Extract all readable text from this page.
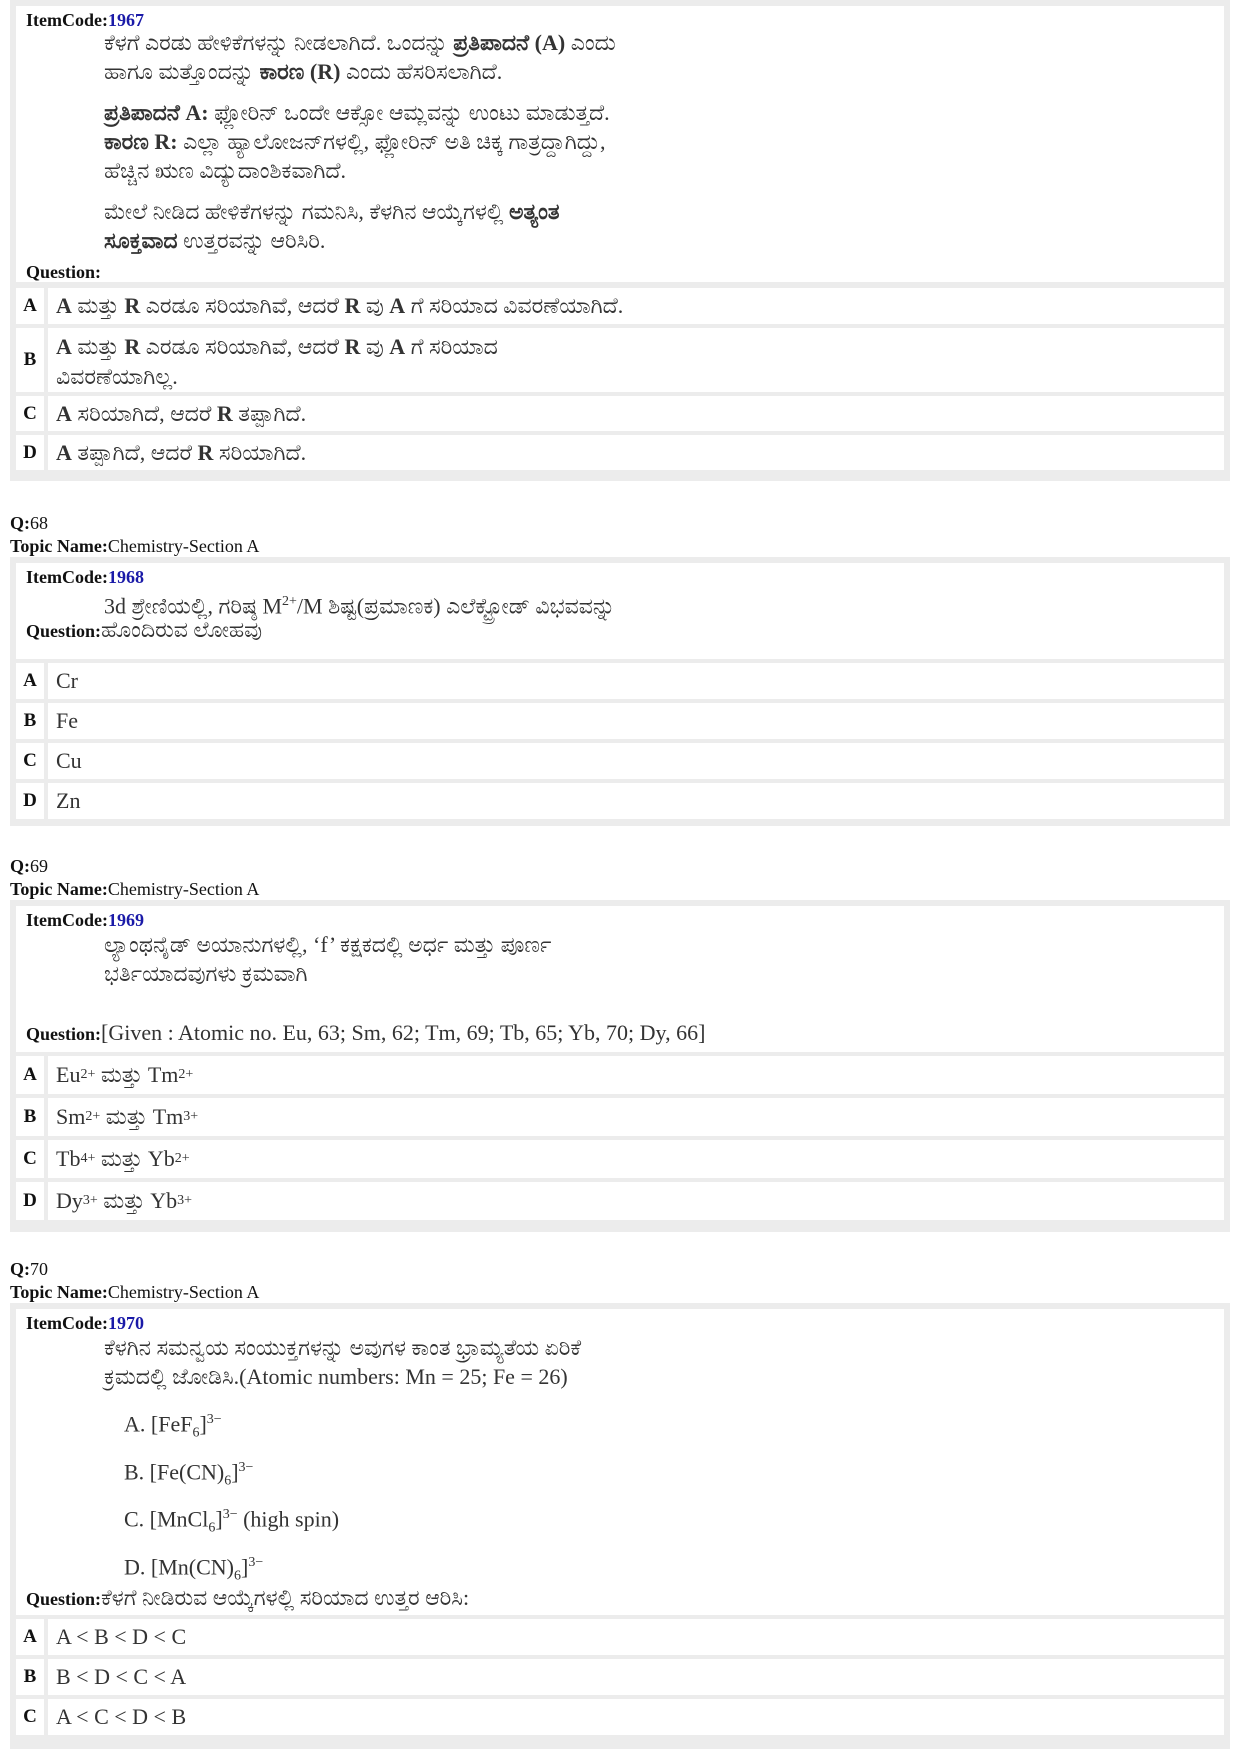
ItemCode:1967
ಕೆಳಗೆ ಎರಡು ಹೇಳಿಕೆಗಳನ್ನು ನೀಡಲಾಗಿದೆ. ಒಂದನ್ನು ಪ್ರತಿಪಾದನೆ (A) ಎಂದು
ಹಾಗೂ ಮತ್ತೊಂದನ್ನು ಕಾರಣ (R) ಎಂದು ಹೆಸರಿಸಲಾಗಿದೆ.
ಪ್ರತಿಪಾದನೆ A: ಫ್ಲೋರಿನ್ ಒಂದೇ ಆಕ್ಸೋ ಆಮ್ಲವನ್ನು ಉಂಟು ಮಾಡುತ್ತದೆ.
ಕಾರಣ R: ಎಲ್ಲಾ ಹ್ಯಾಲೋಜನ್‌ಗಳಲ್ಲಿ, ಫ್ಲೋರಿನ್ ಅತಿ ಚಿಕ್ಕ ಗಾತ್ರದ್ದಾಗಿದ್ದು,
ಹೆಚ್ಚಿನ ಋಣ ವಿದ್ಯುದಾಂಶಿಕವಾಗಿದೆ.
ಮೇಲೆ ನೀಡಿದ ಹೇಳಿಕೆಗಳನ್ನು ಗಮನಿಸಿ, ಕೆಳಗಿನ ಆಯ್ಕೆಗಳಲ್ಲಿ ಅತ್ಯಂತ
ಸೂಕ್ತವಾದ ಉತ್ತರವನ್ನು ಆರಿಸಿರಿ.
Question:
A A
ಮತ್ತು
R
ಎರಡೂ ಸರಿಯಾಗಿವೆ, ಆದರೆ
R
ವು
A
ಗೆ ಸರಿಯಾದ ವಿವರಣೆಯಾಗಿದೆ.
B
A ಮತ್ತು R ಎರಡೂ ಸರಿಯಾಗಿವೆ, ಆದರೆ R ವು A ಗೆ ಸರಿಯಾದ
ವಿವರಣೆಯಾಗಿಲ್ಲ.
C A
ಸರಿಯಾಗಿದೆ, ಆದರೆ
R
ತಪ್ಪಾಗಿದೆ.
D A
ತಪ್ಪಾಗಿದೆ, ಆದರೆ
R
ಸರಿಯಾಗಿದೆ.
Q:68
Topic Name:Chemistry-Section A
ItemCode:1968
3d ಶ್ರೇಣಿಯಲ್ಲಿ, ಗರಿಷ್ಠ $M^{2+}/M$ ಶಿಷ್ಟ(ಪ್ರಮಾಣಕ) ಎಲೆಕ್ಟ್ರೋಡ್ ವಿಭವವನ್ನು
Question:ಹೊಂದಿರುವ ಲೋಹವು
A Cr
B Fe
C Cu
D Zn
Q:69
Topic Name:Chemistry-Section A
ItemCode:1969
ಲ್ಯಾಂಥನೈಡ್ ಅಯಾನುಗಳಲ್ಲಿ, ‘f’ ಕಕ್ಷಕದಲ್ಲಿ ಅರ್ಧ ಮತ್ತು ಪೂರ್ಣ
ಭರ್ತಿಯಾದವುಗಳು ಕ್ರಮವಾಗಿ
Question:[Given : Atomic no. Eu, 63; Sm, 62; Tm, 69; Tb, 65; Yb, 70; Dy, 66]
A Eu 2+
ಮತ್ತು
Tm 2+
B Sm 2+
ಮತ್ತು
Tm 3+
C Tb 4+
ಮತ್ತು
Yb 2+
D Dy 3+
ಮತ್ತು
Yb 3+
Q:70
Topic Name:Chemistry-Section A
ItemCode:1970
ಕೆಳಗಿನ ಸಮನ್ವಯ ಸಂಯುಕ್ತಗಳನ್ನು ಅವುಗಳ ಕಾಂತ ಭ್ರಾಮ್ಯತೆಯ ಏರಿಕೆ
ಕ್ರಮದಲ್ಲಿ ಜೋಡಿಸಿ.(Atomic numbers: Mn = 25; Fe = 26)
A. $[FeF_6]^{3-}$
B. $[Fe(CN)_6]^{3-}$
C. [MnCl$_6$]$^{3-}$ (high spin)
D. $[Mn(CN)_6]^{3-}$
Question:ಕೆಳಗೆ ನೀಡಿರುವ ಆಯ್ಕೆಗಳಲ್ಲಿ ಸರಿಯಾದ ಉತ್ತರ ಆರಿಸಿ:
A A < B < D < C
B B < D < C < A
C A < C < D < B
